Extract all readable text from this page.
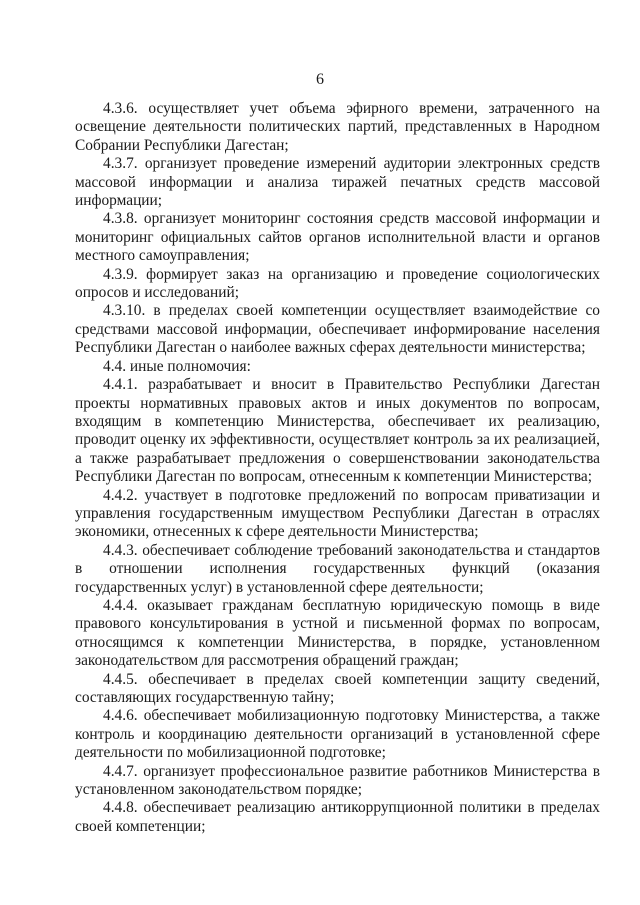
6

4.3.6. осуществляет учет объема эфирного времени, затраченного на освещение деятельности политических партий, представленных в Народном Собрании Республики Дагестан;

4.3.7. организует проведение измерений аудитории электронных средств массовой информации и анализа тиражей печатных средств массовой информации;

4.3.8. организует мониторинг состояния средств массовой информации и мониторинг официальных сайтов органов исполнительной власти и органов местного самоуправления;

4.3.9. формирует заказ на организацию и проведение социологических опросов и исследований;

4.3.10. в пределах своей компетенции осуществляет взаимодействие со средствами массовой информации, обеспечивает информирование населения Республики Дагестан о наиболее важных сферах деятельности министерства;

4.4. иные полномочия:

4.4.1. разрабатывает и вносит в Правительство Республики Дагестан проекты нормативных правовых актов и иных документов по вопросам, входящим в компетенцию Министерства, обеспечивает их реализацию, проводит оценку их эффективности, осуществляет контроль за их реализацией, а также разрабатывает предложения о совершенствовании законодательства Республики Дагестан по вопросам, отнесенным к компетенции Министерства;

4.4.2. участвует в подготовке предложений по вопросам приватизации и управления государственным имуществом Республики Дагестан в отраслях экономики, отнесенных к сфере деятельности Министерства;

4.4.3. обеспечивает соблюдение требований законодательства и стандартов в отношении исполнения государственных функций (оказания государственных услуг) в установленной сфере деятельности;

4.4.4. оказывает гражданам бесплатную юридическую помощь в виде правового консультирования в устной и письменной формах по вопросам, относящимся к компетенции Министерства, в порядке, установленном законодательством для рассмотрения обращений граждан;

4.4.5. обеспечивает в пределах своей компетенции защиту сведений, составляющих государственную тайну;

4.4.6. обеспечивает мобилизационную подготовку Министерства, а также контроль и координацию деятельности организаций в установленной сфере деятельности по мобилизационной подготовке;

4.4.7. организует профессиональное развитие работников Министерства в установленном законодательством порядке;

4.4.8. обеспечивает реализацию антикоррупционной политики в пределах своей компетенции;
